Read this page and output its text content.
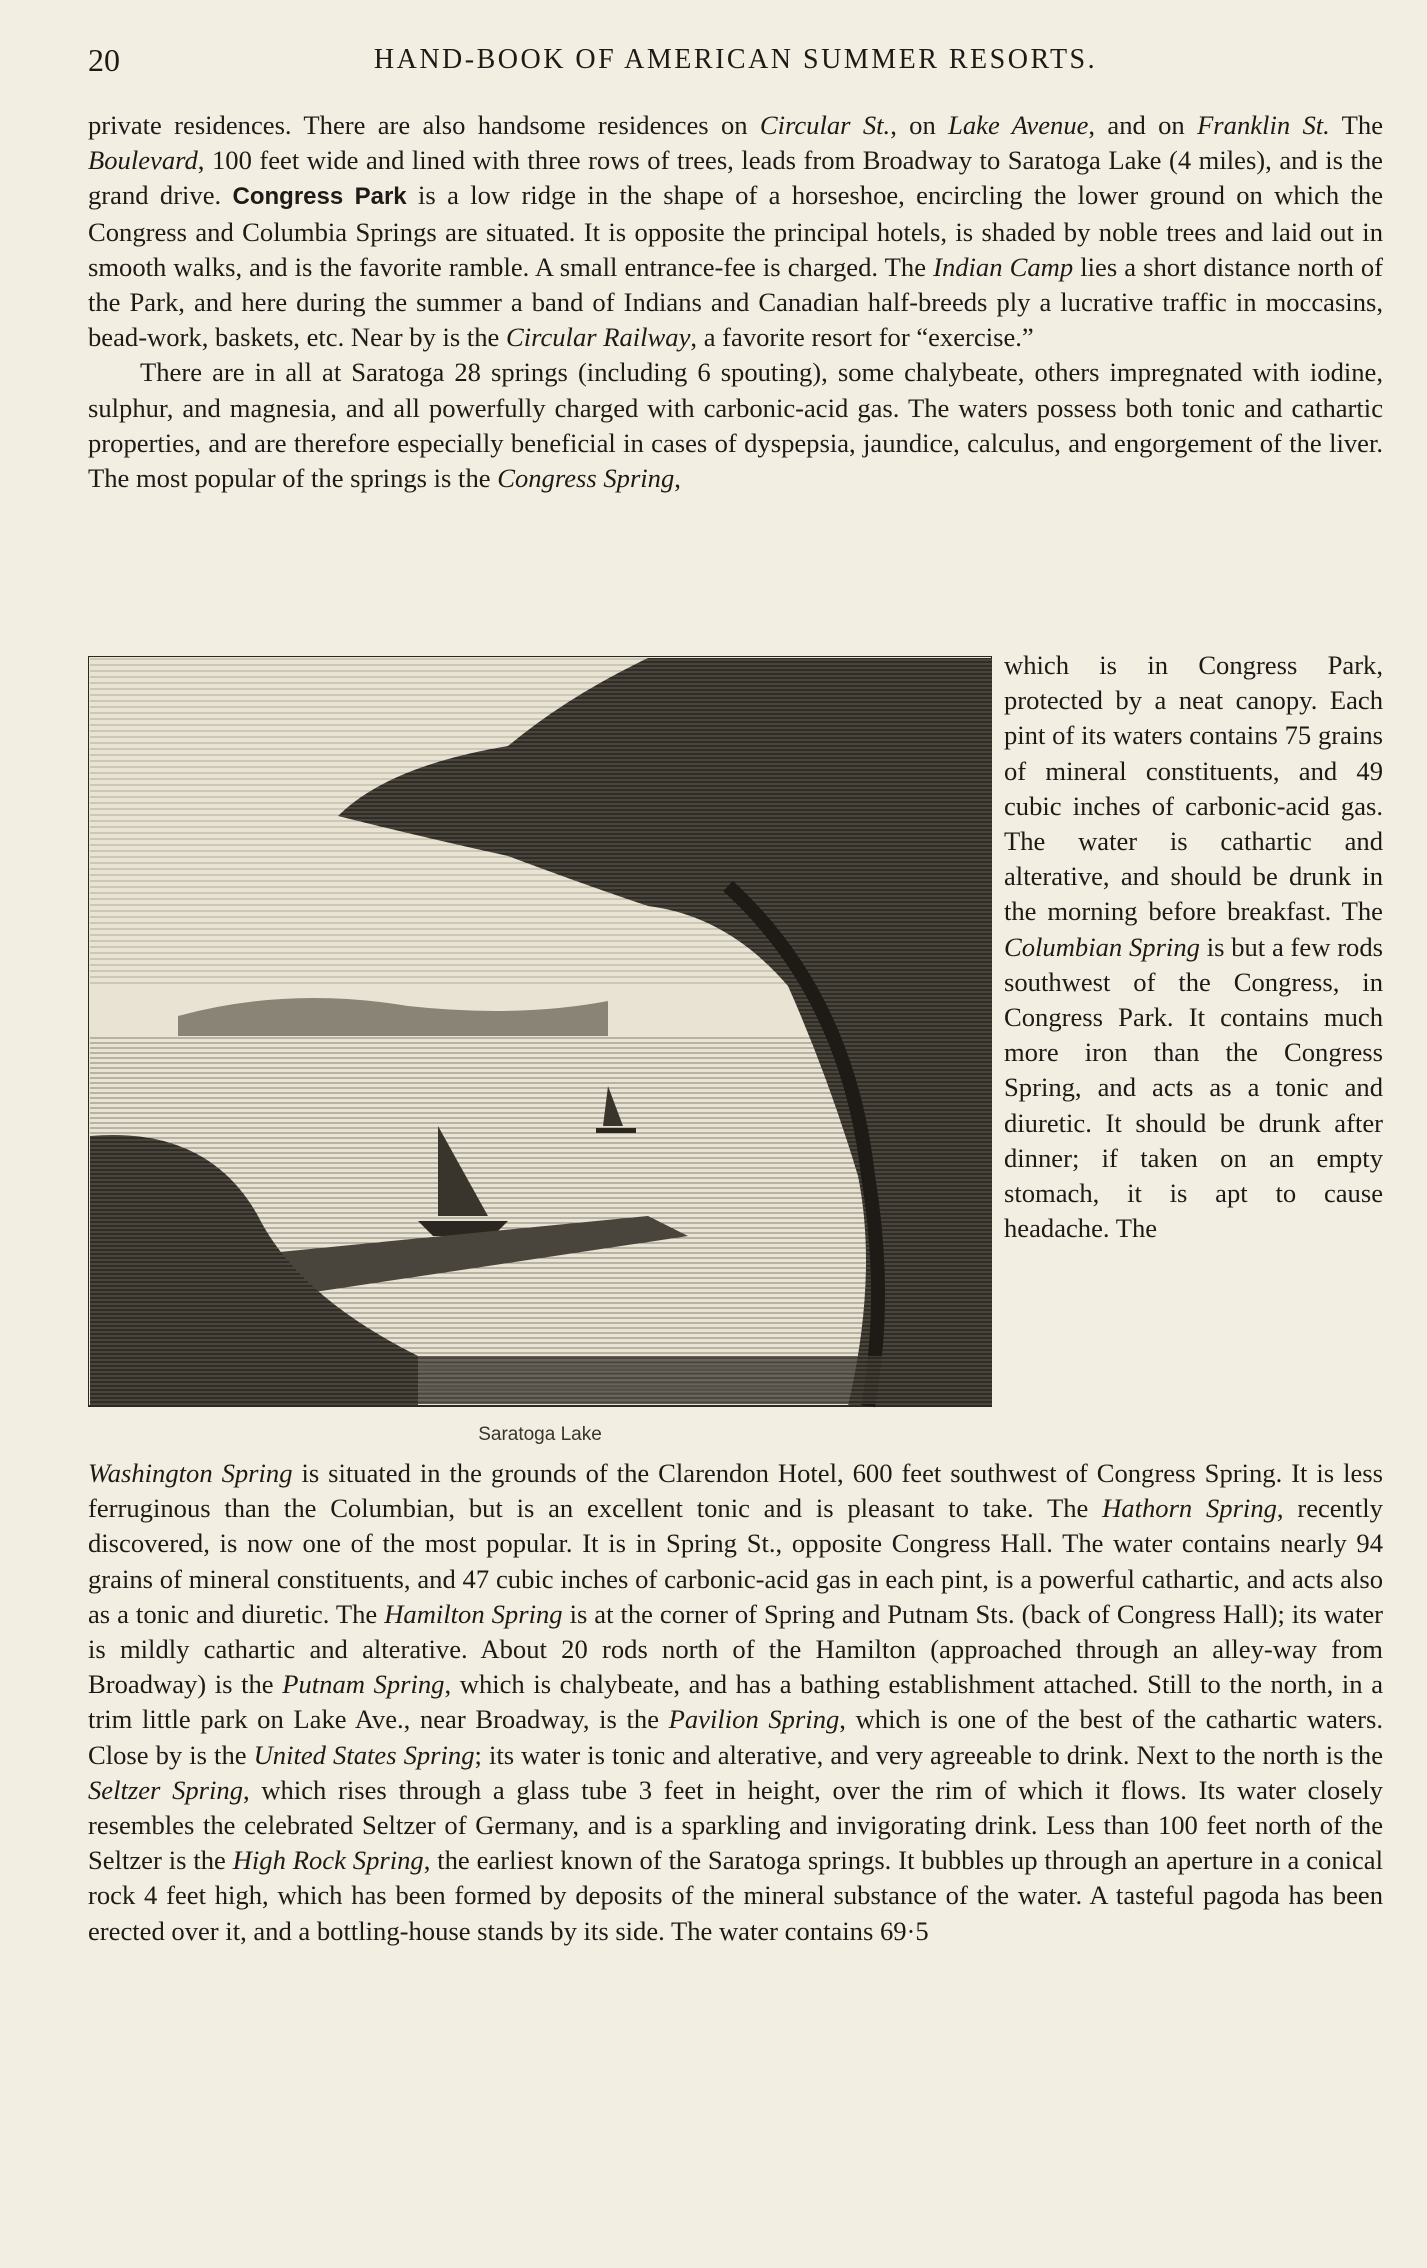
20	HAND-BOOK OF AMERICAN SUMMER RESORTS.

private residences. There are also handsome residences on Circular St., on Lake Avenue, and on Franklin St. The Boulevard, 100 feet wide and lined with three rows of trees, leads from Broadway to Saratoga Lake (4 miles), and is the grand drive. Congress Park is a low ridge in the shape of a horseshoe, encircling the lower ground on which the Congress and Columbia Springs are situated. It is opposite the principal hotels, is shaded by noble trees and laid out in smooth walks, and is the favorite ramble. A small entrance-fee is charged. The Indian Camp lies a short distance north of the Park, and here during the summer a band of Indians and Canadian half-breeds ply a lucrative traffic in moccasins, bead-work, baskets, etc. Near by is the Circular Railway, a favorite resort for “exercise.”

There are in all at Saratoga 28 springs (including 6 spouting), some chalybeate, others impregnated with iodine, sulphur, and magnesia, and all powerfully charged with carbonic-acid gas. The waters possess both tonic and cathartic properties, and are therefore especially beneficial in cases of dyspepsia, jaundice, calculus, and engorgement of the liver. The most popular of the springs is the Congress Spring,

Saratoga Lake

which is in Congress Park, protected by a neat canopy. Each pint of its waters contains 75 grains of mineral constituents, and 49 cubic inches of carbonic-acid gas. The water is cathartic and alterative, and should be drunk in the morning before breakfast. The Columbian Spring is but a few rods southwest of the Congress, in Congress Park. It contains much more iron than the Congress Spring, and acts as a tonic and diuretic. It should be drunk after dinner; if taken on an empty stomach, it is apt to cause headache. The

Washington Spring is situated in the grounds of the Clarendon Hotel, 600 feet southwest of Congress Spring. It is less ferruginous than the Columbian, but is an excellent tonic and is pleasant to take. The Hathorn Spring, recently discovered, is now one of the most popular. It is in Spring St., opposite Congress Hall. The water contains nearly 94 grains of mineral constituents, and 47 cubic inches of carbonic-acid gas in each pint, is a powerful cathartic, and acts also as a tonic and diuretic. The Hamilton Spring is at the corner of Spring and Putnam Sts. (back of Congress Hall); its water is mildly cathartic and alterative. About 20 rods north of the Hamilton (approached through an alley-way from Broadway) is the Putnam Spring, which is chalybeate, and has a bathing establishment attached. Still to the north, in a trim little park on Lake Ave., near Broadway, is the Pavilion Spring, which is one of the best of the cathartic waters. Close by is the United States Spring; its water is tonic and alterative, and very agreeable to drink. Next to the north is the Seltzer Spring, which rises through a glass tube 3 feet in height, over the rim of which it flows. Its water closely resembles the celebrated Seltzer of Germany, and is a sparkling and invigorating drink. Less than 100 feet north of the Seltzer is the High Rock Spring, the earliest known of the Saratoga springs. It bubbles up through an aperture in a conical rock 4 feet high, which has been formed by deposits of the mineral substance of the water. A tasteful pagoda has been erected over it, and a bottling-house stands by its side. The water contains 69·5
